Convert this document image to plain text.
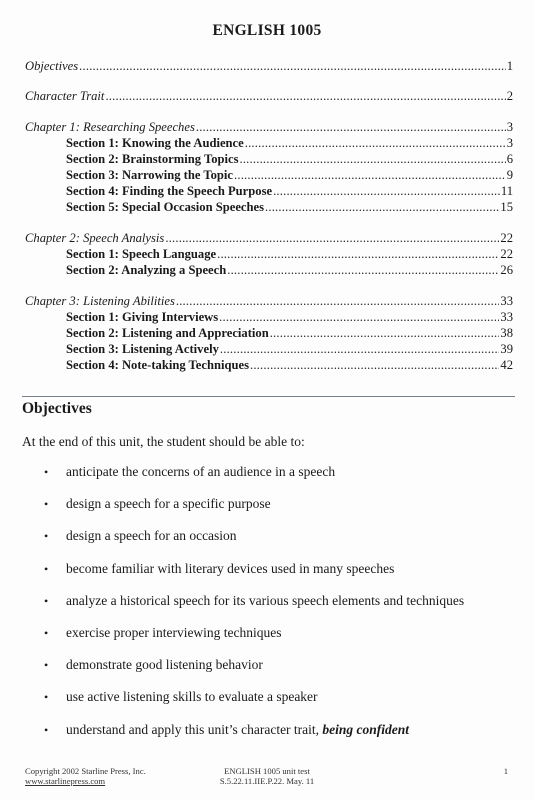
ENGLISH 1005
Objectives .....	1
Character Trait .....	2
Chapter 1: Researching Speeches .....	3
Section 1: Knowing the Audience .....	3
Section 2: Brainstorming Topics .....	6
Section 3: Narrowing the Topic .....	9
Section 4: Finding the Speech Purpose .....	11
Section 5: Special Occasion Speeches .....	15
Chapter 2: Speech Analysis .....	22
Section 1: Speech Language .....	22
Section 2: Analyzing a Speech .....	26
Chapter 3: Listening Abilities .....	33
Section 1: Giving Interviews .....	33
Section 2: Listening and Appreciation .....	38
Section 3: Listening Actively .....	39
Section 4: Note-taking Techniques .....	42
Objectives
At the end of this unit, the student should be able to:
•	anticipate the concerns of an audience in a speech
•	design a speech for a specific purpose
•	design a speech for an occasion
•	become familiar with literary devices used in many speeches
•	analyze a historical speech for its various speech elements and techniques
•	exercise proper interviewing techniques
•	demonstrate good listening behavior
•	use active listening skills to evaluate a speaker
•	understand and apply this unit’s character trait, being confident
Copyright 2002 Starline Press, Inc.
www.starlinepress.com
ENGLISH 1005 unit test
S.5.22.11.IIE.P.22. May. 11
1
